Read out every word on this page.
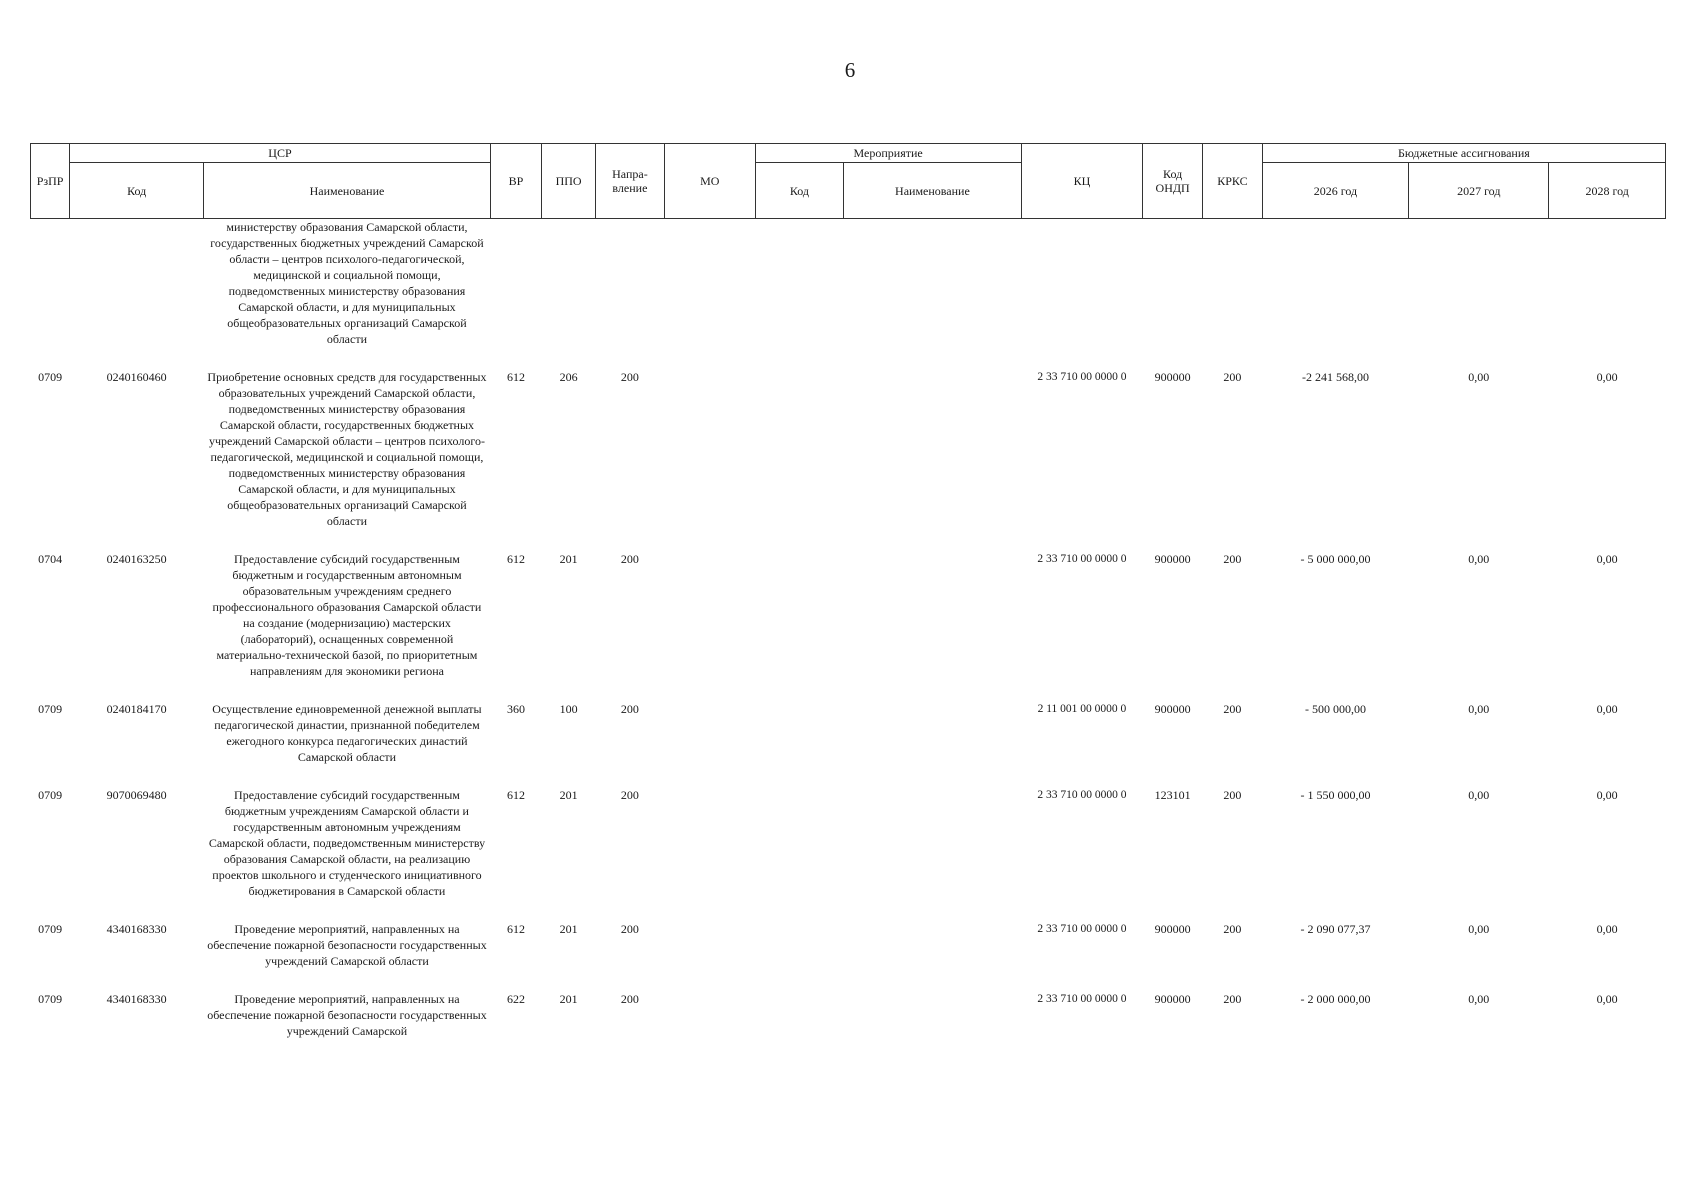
6
РзПР	ЦСР		ВР	ППО	Напра-вление	МО	Мероприятие		КЦ	Код ОНДП	КРКС	Бюджетные ассигнования		
	Код	Наименование					Код	Наименование				2026 год	2027 год	2028 год
		министерству образования Самарской области, государственных бюджетных учреждений Самарской области – центров психолого-педагогической, медицинской и социальной помощи, подведомственных министерству образования Самарской области, и для муниципальных общеобразовательных организаций Самарской области												

0709	0240160460	Приобретение основных средств для государственных образовательных учреждений Самарской области, подведомственных министерству образования Самарской области, государственных бюджетных учреждений Самарской области – центров психолого-педагогической, медицинской и социальной помощи, подведомственных министерству образования Самарской области, и для муниципальных общеобразовательных организаций Самарской области	612	206	200				2 33 710 00 0000 0	900000	200	-2 241 568,00	0,00	0,00

0704	0240163250	Предоставление субсидий государственным бюджетным и государственным автономным образовательным учреждениям среднего профессионального образования Самарской области на создание (модернизацию) мастерских (лабораторий), оснащенных современной материально-технической базой, по приоритетным направлениям для экономики региона	612	201	200				2 33 710 00 0000 0	900000	200	- 5 000 000,00	0,00	0,00

0709	0240184170	Осуществление единовременной денежной выплаты педагогической династии, признанной победителем ежегодного конкурса педагогических династий Самарской области	360	100	200				2 11 001 00 0000 0	900000	200	- 500 000,00	0,00	0,00

0709	9070069480	Предоставление субсидий государственным бюджетным учреждениям Самарской области и государственным автономным учреждениям Самарской области, подведомственным министерству образования Самарской области, на реализацию проектов школьного и студенческого инициативного бюджетирования в Самарской области	612	201	200				2 33 710 00 0000 0	123101	200	- 1 550 000,00	0,00	0,00

0709	4340168330	Проведение мероприятий, направленных на обеспечение пожарной безопасности государственных учреждений Самарской области	612	201	200				2 33 710 00 0000 0	900000	200	- 2 090 077,37	0,00	0,00

0709	4340168330	Проведение мероприятий, направленных на обеспечение пожарной безопасности государственных учреждений Самарской	622	201	200				2 33 710 00 0000 0	900000	200	- 2 000 000,00	0,00	0,00
